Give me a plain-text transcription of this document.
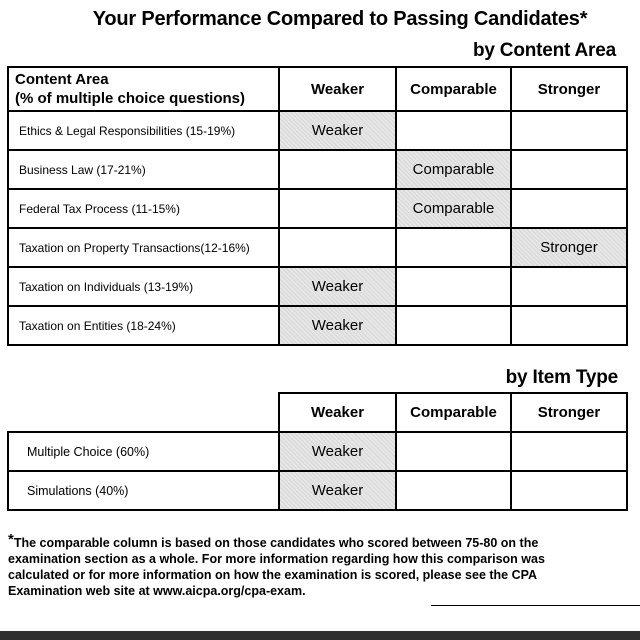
Your Performance Compared to Passing Candidates*
by Content Area
Content Area
(% of multiple choice questions)	Weaker	Comparable	Stronger
Ethics & Legal Responsibilities (15-19%)	Weaker		
Business Law (17-21%)		Comparable	
Federal Tax Process (11-15%)		Comparable	
Taxation on Property Transactions(12-16%)			Stronger
Taxation on Individuals (13-19%)	Weaker		
Taxation on Entities (18-24%)	Weaker		
by Item Type
	Weaker	Comparable	Stronger
Multiple Choice (60%)	Weaker		
Simulations (40%)	Weaker		
*The comparable column is based on those candidates who scored between 75-80 on the examination section as a whole. For more information regarding how this comparison was calculated or for more information on how the examination is scored, please see the CPA Examination web site at www.aicpa.org/cpa-exam.
